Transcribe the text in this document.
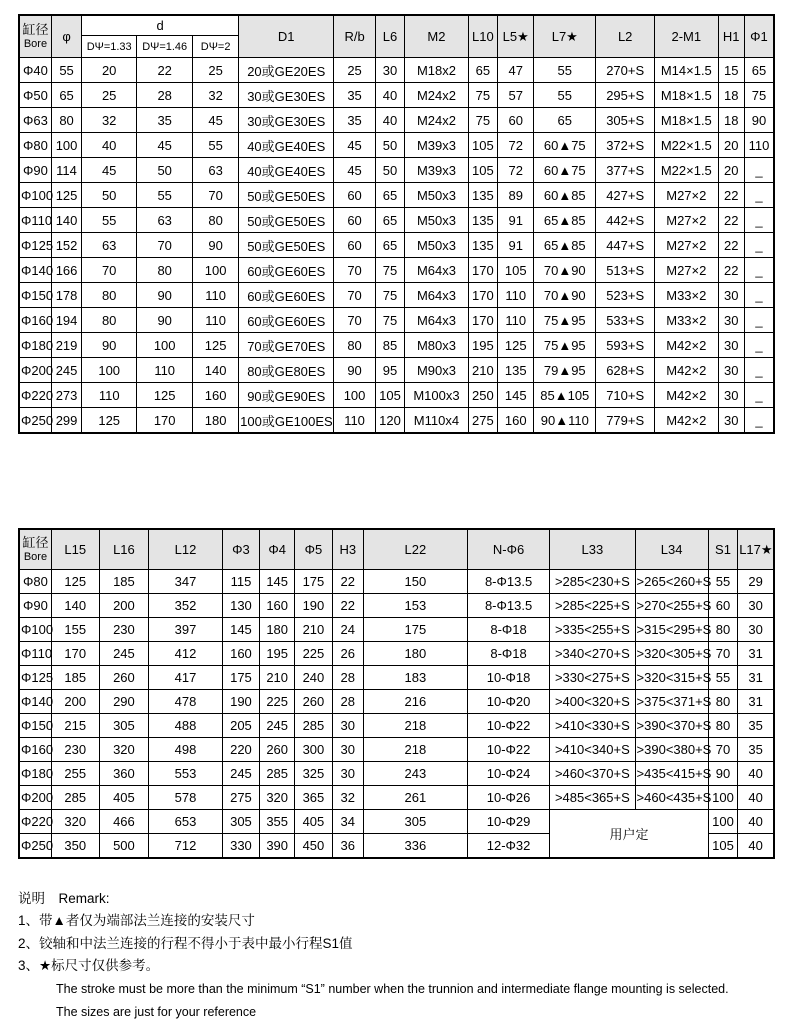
缸径
Bore	φ	d			D1	R/b	L6	M2	L10	L5★	L7★	L2	2-M1	H1	Φ1
		DΨ=1.33	DΨ=1.46	DΨ=2											
Φ40	55	20	22	25	20或GE20ES	25	30	M18x2	65	47	55	270+S	M14×1.5	15	65
Φ50	65	25	28	32	30或GE30ES	35	40	M24x2	75	57	55	295+S	M18×1.5	18	75
Φ63	80	32	35	45	30或GE30ES	35	40	M24x2	75	60	65	305+S	M18×1.5	18	90
Φ80	100	40	45	55	40或GE40ES	45	50	M39x3	105	72	60▲75	372+S	M22×1.5	20	110
Φ90	114	45	50	63	40或GE40ES	45	50	M39x3	105	72	60▲75	377+S	M22×1.5	20	_
Φ100	125	50	55	70	50或GE50ES	60	65	M50x3	135	89	60▲85	427+S	M27×2	22	_
Φ110	140	55	63	80	50或GE50ES	60	65	M50x3	135	91	65▲85	442+S	M27×2	22	_
Φ125	152	63	70	90	50或GE50ES	60	65	M50x3	135	91	65▲85	447+S	M27×2	22	_
Φ140	166	70	80	100	60或GE60ES	70	75	M64x3	170	105	70▲90	513+S	M27×2	22	_
Φ150	178	80	90	110	60或GE60ES	70	75	M64x3	170	110	70▲90	523+S	M33×2	30	_
Φ160	194	80	90	110	60或GE60ES	70	75	M64x3	170	110	75▲95	533+S	M33×2	30	_
Φ180	219	90	100	125	70或GE70ES	80	85	M80x3	195	125	75▲95	593+S	M42×2	30	_
Φ200	245	100	110	140	80或GE80ES	90	95	M90x3	210	135	79▲95	628+S	M42×2	30	_
Φ220	273	110	125	160	90或GE90ES	100	105	M100x3	250	145	85▲105	710+S	M42×2	30	_
Φ250	299	125	170	180	100或GE100ES	110	120	M110x4	275	160	90▲110	779+S	M42×2	30	_
缸径
Bore	L15	L16	L12	Φ3	Φ4	Φ5	H3	L22	N-Φ6	L33	L34	S1	L17★
Φ80	125	185	347	115	145	175	22	150	8-Φ13.5	>285<230+S	>265<260+S	55	29
Φ90	140	200	352	130	160	190	22	153	8-Φ13.5	>285<225+S	>270<255+S	60	30
Φ100	155	230	397	145	180	210	24	175	8-Φ18	>335<255+S	>315<295+S	80	30
Φ110	170	245	412	160	195	225	26	180	8-Φ18	>340<270+S	>320<305+S	70	31
Φ125	185	260	417	175	210	240	28	183	10-Φ18	>330<275+S	>320<315+S	55	31
Φ140	200	290	478	190	225	260	28	216	10-Φ20	>400<320+S	>375<371+S	80	31
Φ150	215	305	488	205	245	285	30	218	10-Φ22	>410<330+S	>390<370+S	80	35
Φ160	230	320	498	220	260	300	30	218	10-Φ22	>410<340+S	>390<380+S	70	35
Φ180	255	360	553	245	285	325	30	243	10-Φ24	>460<370+S	>435<415+S	90	40
Φ200	285	405	578	275	320	365	32	261	10-Φ26	>485<365+S	>460<435+S	100	40
Φ220	320	466	653	305	355	405	34	305	10-Φ29	用户定		100	40
Φ250	350	500	712	330	390	450	36	336	12-Φ32			105	40
说明　Remark:
1、带▲者仅为端部法兰连接的安装尺寸
2、铰轴和中法兰连接的行程不得小于表中最小行程S1值
3、★标尺寸仅供参考。
The stroke must be more than the minimum “S1” number when the trunnion and intermediate flange mounting is selected.
The sizes are just for your reference
